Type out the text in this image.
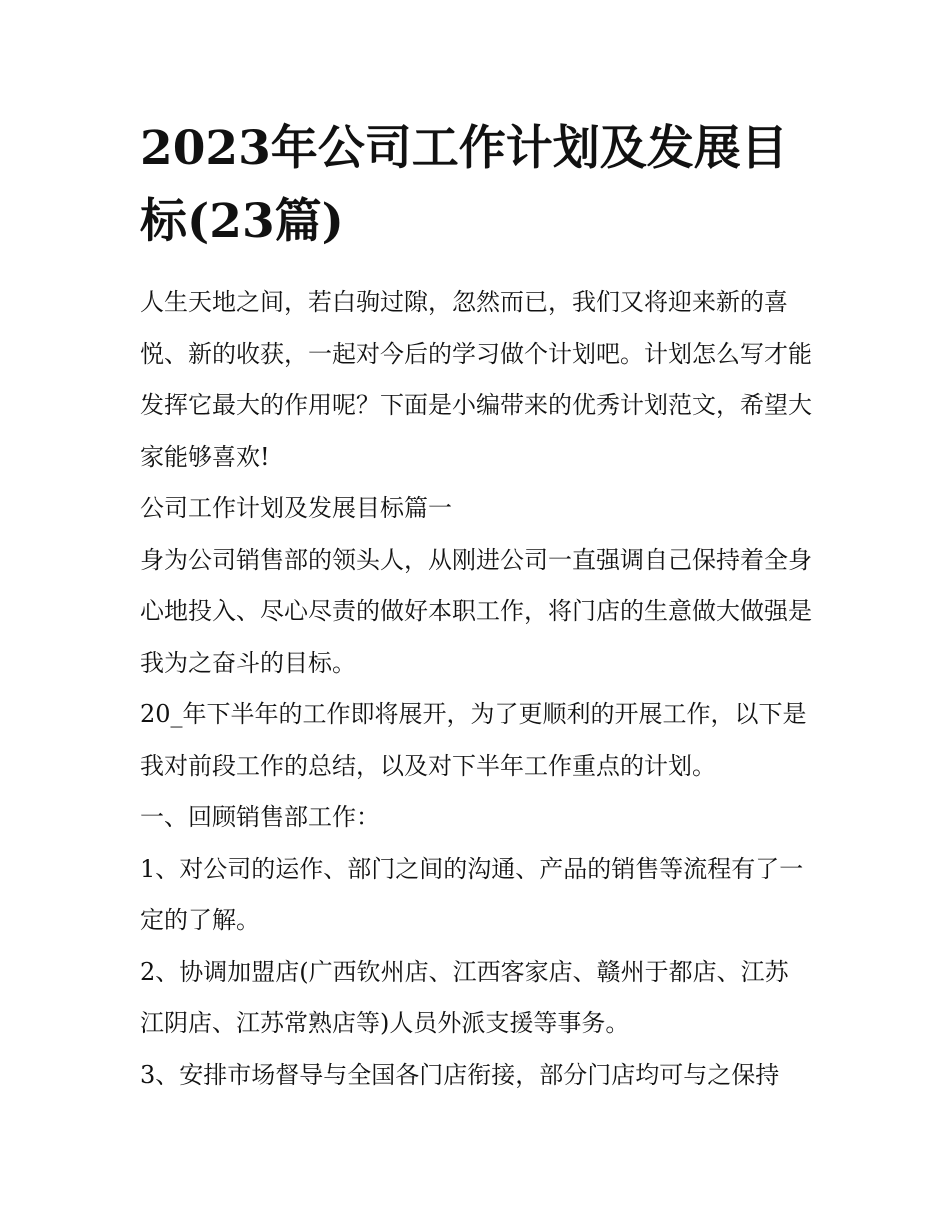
2023年公司工作计划及发展目标(23篇)

人生天地之间，若白驹过隙，忽然而已，我们又将迎来新的喜悦、新的收获，一起对今后的学习做个计划吧。计划怎么写才能发挥它最大的作用呢？下面是小编带来的优秀计划范文，希望大家能够喜欢!

公司工作计划及发展目标篇一

身为公司销售部的领头人，从刚进公司一直强调自己保持着全身心地投入、尽心尽责的做好本职工作，将门店的生意做大做强是我为之奋斗的目标。

20_年下半年的工作即将展开，为了更顺利的开展工作，以下是我对前段工作的总结，以及对下半年工作重点的计划。

一、回顾销售部工作：

1、对公司的运作、部门之间的沟通、产品的销售等流程有了一定的了解。

2、协调加盟店(广西钦州店、江西客家店、赣州于都店、江苏江阴店、江苏常熟店等)人员外派支援等事务。

3、安排市场督导与全国各门店衔接，部分门店均可与之保持
